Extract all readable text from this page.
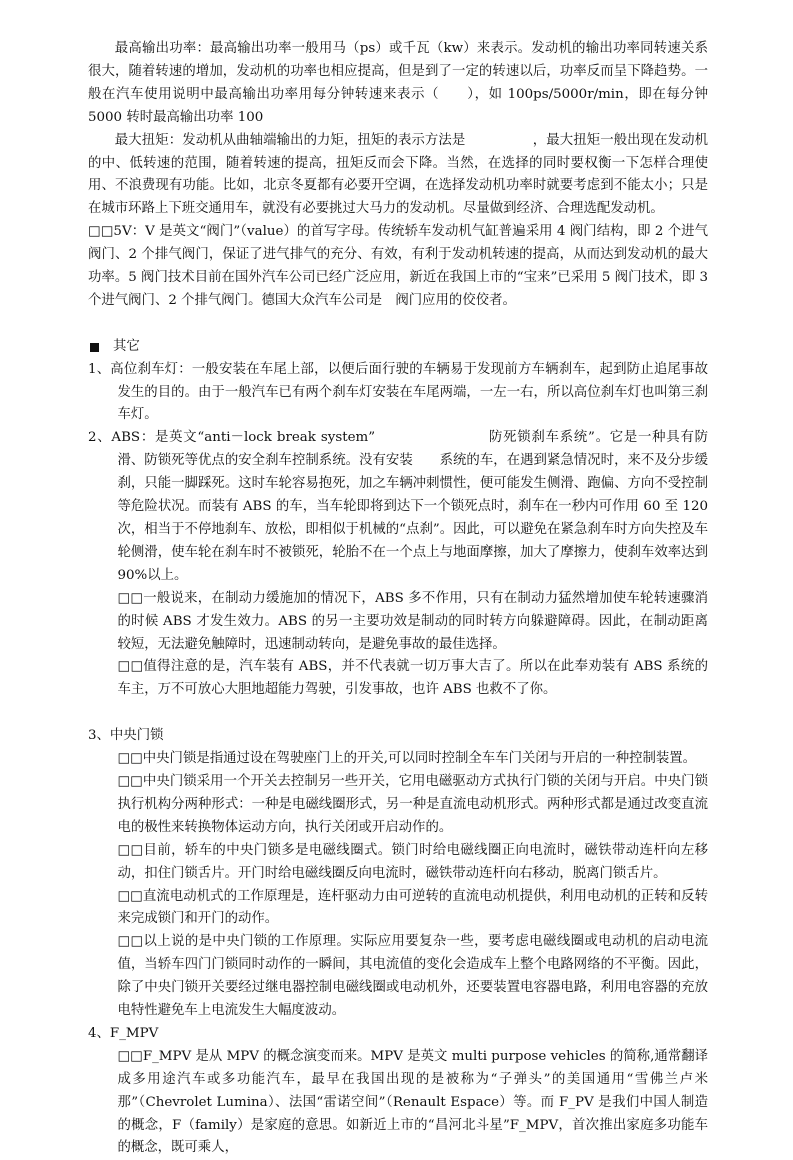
最高输出功率：最高输出功率一般用马（ps）或千瓦（kw）来表示。发动机的输出功率同转速关系很大，随着转速的增加，发动机的功率也相应提高，但是到了一定的转速以后，功率反而呈下降趋势。一般在汽车使用说明中最高输出功率用每分钟转速来表示（　　），如 100ps/5000r/min，即在每分钟 5000 转时最高输出功率 100

最大扭矩：发动机从曲轴端输出的力矩，扭矩的表示方法是　　　　　，最大扭矩一般出现在发动机的中、低转速的范围，随着转速的提高，扭矩反而会下降。当然，在选择的同时要权衡一下怎样合理使用、不浪费现有功能。比如，北京冬夏都有必要开空调，在选择发动机功率时就要考虑到不能太小；只是在城市环路上下班交通用车，就没有必要挑过大马力的发动机。尽量做到经济、合理选配发动机。

□□5V：V 是英文“阀门”（value）的首写字母。传统轿车发动机气缸普遍采用 4 阀门结构，即 2 个进气阀门、2 个排气阀门，保证了进气排气的充分、有效，有利于发动机转速的提高，从而达到发动机的最大功率。5 阀门技术目前在国外汽车公司已经广泛应用，新近在我国上市的“宝来”已采用 5 阀门技术，即 3 个进气阀门、2 个排气阀门。德国大众汽车公司是　阀门应用的佼佼者。

其它

1、高位刹车灯：一般安装在车尾上部，以便后面行驶的车辆易于发现前方车辆刹车，起到防止追尾事故发生的目的。由于一般汽车已有两个刹车灯安装在车尾两端，一左一右，所以高位刹车灯也叫第三刹车灯。

2、ABS：是英文“anti－lock break system”　　　　　　　　防死锁刹车系统”。它是一种具有防滑、防锁死等优点的安全刹车控制系统。没有安装　　系统的车，在遇到紧急情况时，来不及分步缓刹，只能一脚踩死。这时车轮容易抱死，加之车辆冲刺惯性，便可能发生侧滑、跑偏、方向不受控制等危险状况。而装有 ABS 的车，当车轮即将到达下一个锁死点时，刹车在一秒内可作用 60 至 120 次，相当于不停地刹车、放松，即相似于机械的“点刹”。因此，可以避免在紧急刹车时方向失控及车轮侧滑，使车轮在刹车时不被锁死，轮胎不在一个点上与地面摩擦，加大了摩擦力，使刹车效率达到 90%以上。

□□一般说来，在制动力缓施加的情况下，ABS 多不作用，只有在制动力猛然增加使车轮转速骤消的时候 ABS 才发生效力。ABS 的另一主要功效是制动的同时转方向躲避障碍。因此，在制动距离较短，无法避免触障时，迅速制动转向，是避免事故的最佳选择。

□□值得注意的是，汽车装有 ABS，并不代表就一切万事大吉了。所以在此奉劝装有 ABS 系统的车主，万不可放心大胆地超能力驾驶，引发事故，也许 ABS 也救不了你。

3、中央门锁

□□中央门锁是指通过设在驾驶座门上的开关,可以同时控制全车车门关闭与开启的一种控制装置。

□□中央门锁采用一个开关去控制另一些开关，它用电磁驱动方式执行门锁的关闭与开启。中央门锁执行机构分两种形式：一种是电磁线圈形式，另一种是直流电动机形式。两种形式都是通过改变直流电的极性来转换物体运动方向，执行关闭或开启动作的。

□□目前，轿车的中央门锁多是电磁线圈式。锁门时给电磁线圈正向电流时，磁铁带动连杆向左移动，扣住门锁舌片。开门时给电磁线圈反向电流时，磁铁带动连杆向右移动，脱离门锁舌片。

□□直流电动机式的工作原理是，连杆驱动力由可逆转的直流电动机提供，利用电动机的正转和反转来完成锁门和开门的动作。

□□以上说的是中央门锁的工作原理。实际应用要复杂一些，要考虑电磁线圈或电动机的启动电流值，当轿车四门门锁同时动作的一瞬间，其电流值的变化会造成车上整个电路网络的不平衡。因此，除了中央门锁开关要经过继电器控制电磁线圈或电动机外，还要装置电容器电路，利用电容器的充放电特性避免车上电流发生大幅度波动。

4、F_MPV

□□F_MPV 是从 MPV 的概念演变而来。MPV 是英文 multi purpose vehicles 的简称,通常翻译成多用途汽车或多功能汽车，最早在我国出现的是被称为“子弹头”的美国通用“雪佛兰卢米那”（Chevrolet Lumina）、法国“雷诺空间”（Renault Espace）等。而 F_PV 是我们中国人制造的概念，F（family）是家庭的意思。如新近上市的“昌河北斗星”F_MPV，首次推出家庭多功能车的概念，既可乘人，
